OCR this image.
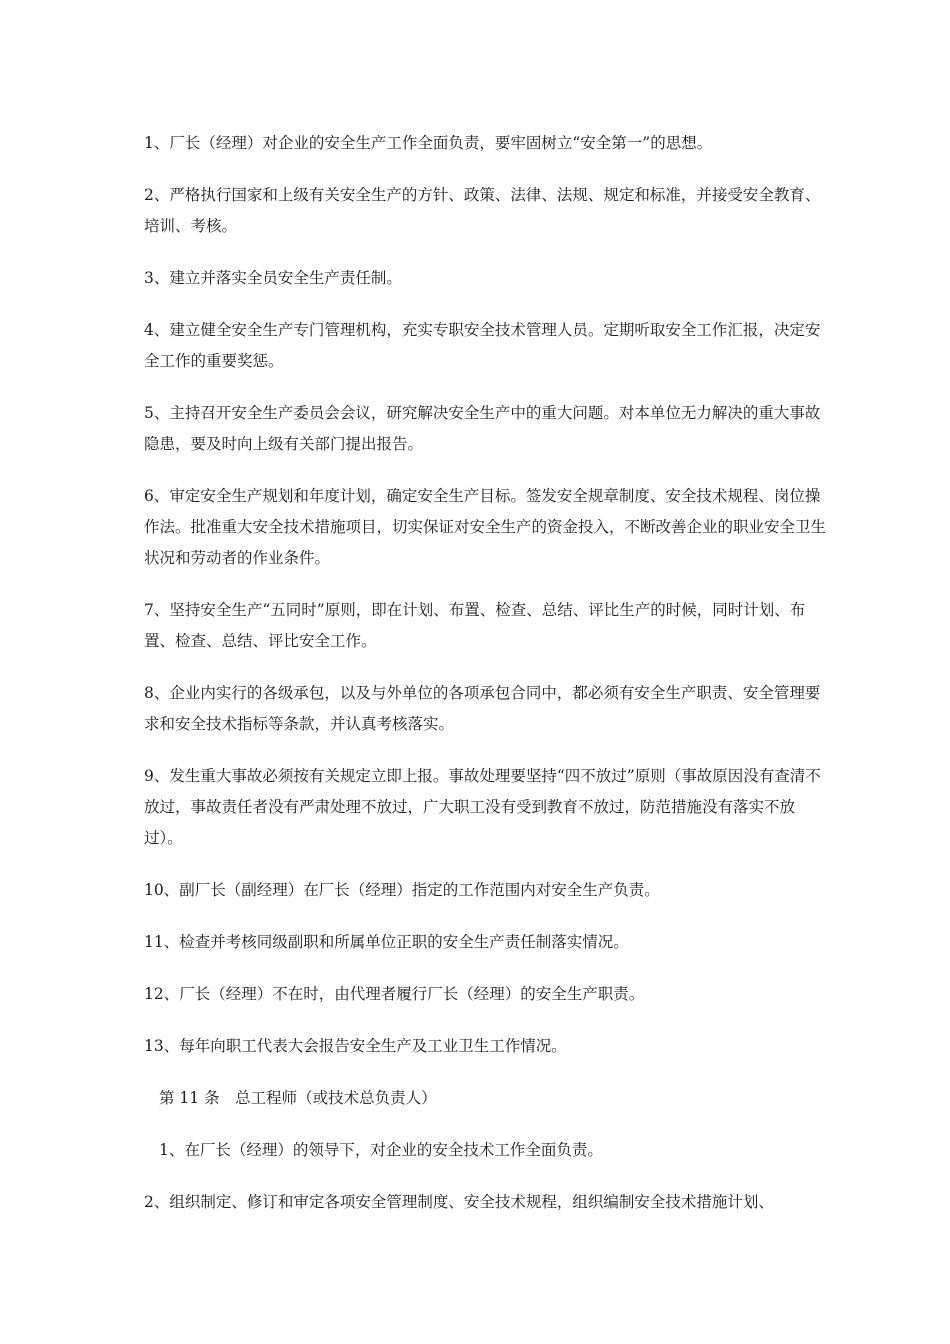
1、厂长（经理）对企业的安全生产工作全面负责，要牢固树立“安全第一”的思想。

2、严格执行国家和上级有关安全生产的方针、政策、法律、法规、规定和标准，并接受安全教育、培训、考核。

3、建立并落实全员安全生产责任制。

4、建立健全安全生产专门管理机构，充实专职安全技术管理人员。定期听取安全工作汇报，决定安全工作的重要奖惩。

5、主持召开安全生产委员会会议，研究解决安全生产中的重大问题。对本单位无力解决的重大事故隐患，要及时向上级有关部门提出报告。

6、审定安全生产规划和年度计划，确定安全生产目标。签发安全规章制度、安全技术规程、岗位操作法。批准重大安全技术措施项目，切实保证对安全生产的资金投入，不断改善企业的职业安全卫生状况和劳动者的作业条件。

7、坚持安全生产“五同时”原则，即在计划、布置、检查、总结、评比生产的时候，同时计划、布置、检查、总结、评比安全工作。

8、企业内实行的各级承包，以及与外单位的各项承包合同中，都必须有安全生产职责、安全管理要求和安全技术指标等条款，并认真考核落实。

9、发生重大事故必须按有关规定立即上报。事故处理要坚持“四不放过”原则（事故原因没有查清不放过，事故责任者没有严肃处理不放过，广大职工没有受到教育不放过，防范措施没有落实不放过）。

10、副厂长（副经理）在厂长（经理）指定的工作范围内对安全生产负责。

11、检查并考核同级副职和所属单位正职的安全生产责任制落实情况。

12、厂长（经理）不在时，由代理者履行厂长（经理）的安全生产职责。

13、每年向职工代表大会报告安全生产及工业卫生工作情况。

第 11 条　总工程师（或技术总负责人）

1、在厂长（经理）的领导下，对企业的安全技术工作全面负责。

2、组织制定、修订和审定各项安全管理制度、安全技术规程，组织编制安全技术措施计划、
